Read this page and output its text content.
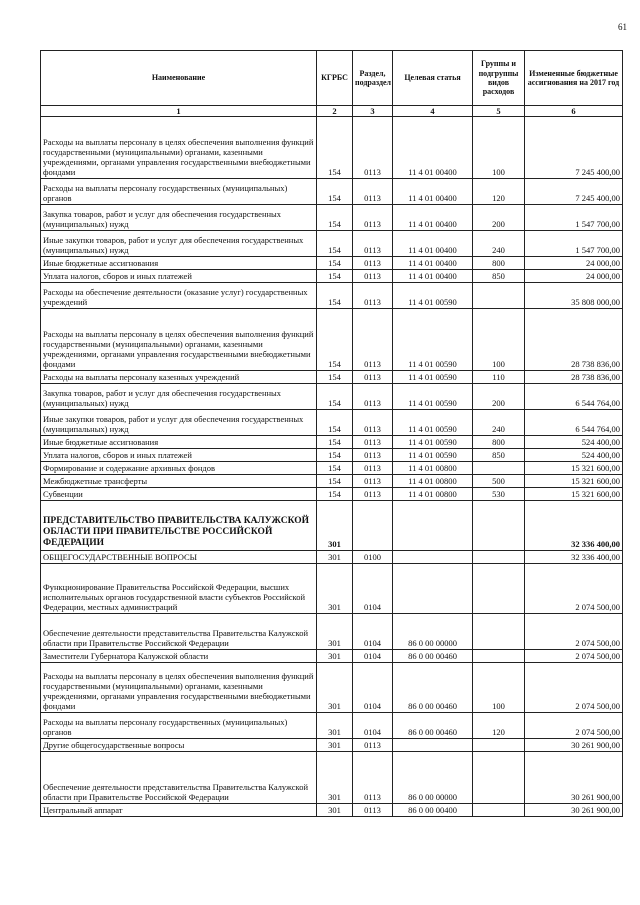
61
Наименование	КГРБС	Раздел, подраздел	Целевая статья	Группы и подгруппы видов расходов	Измененные бюджетные ассигнования на 2017 год
1	2	3	4	5	6
Расходы на выплаты персоналу в целях обеспечения выполнения функций государственными (муниципальными) органами, казенными учреждениями, органами управления государственными внебюджетными фондами	154	0113	11 4 01 00400	100	7 245 400,00
Расходы на выплаты персоналу государственных (муниципальных) органов	154	0113	11 4 01 00400	120	7 245 400,00
Закупка товаров, работ и услуг для обеспечения государственных (муниципальных) нужд	154	0113	11 4 01 00400	200	1 547 700,00
Иные закупки товаров, работ и услуг для обеспечения государственных (муниципальных) нужд	154	0113	11 4 01 00400	240	1 547 700,00
Иные бюджетные ассигнования	154	0113	11 4 01 00400	800	24 000,00
Уплата налогов, сборов и иных платежей	154	0113	11 4 01 00400	850	24 000,00
Расходы на обеспечение деятельности (оказание услуг) государственных учреждений	154	0113	11 4 01 00590		35 808 000,00
Расходы на выплаты персоналу в целях обеспечения выполнения функций государственными (муниципальными) органами, казенными учреждениями, органами управления государственными внебюджетными фондами	154	0113	11 4 01 00590	100	28 738 836,00
Расходы на выплаты персоналу казенных учреждений	154	0113	11 4 01 00590	110	28 738 836,00
Закупка товаров, работ и услуг для обеспечения государственных (муниципальных) нужд	154	0113	11 4 01 00590	200	6 544 764,00
Иные закупки товаров, работ и услуг для обеспечения государственных (муниципальных) нужд	154	0113	11 4 01 00590	240	6 544 764,00
Иные бюджетные ассигнования	154	0113	11 4 01 00590	800	524 400,00
Уплата налогов, сборов и иных платежей	154	0113	11 4 01 00590	850	524 400,00
Формирование и содержание архивных фондов	154	0113	11 4 01 00800		15 321 600,00
Межбюджетные трансферты	154	0113	11 4 01 00800	500	15 321 600,00
Субвенции	154	0113	11 4 01 00800	530	15 321 600,00
ПРЕДСТАВИТЕЛЬСТВО ПРАВИТЕЛЬСТВА КАЛУЖСКОЙ ОБЛАСТИ ПРИ ПРАВИТЕЛЬСТВЕ РОССИЙСКОЙ ФЕДЕРАЦИИ	301				32 336 400,00
ОБЩЕГОСУДАРСТВЕННЫЕ ВОПРОСЫ	301	0100			32 336 400,00
Функционирование Правительства Российской Федерации, высших исполнительных органов государственной власти субъектов Российской Федерации, местных администраций	301	0104			2 074 500,00
Обеспечение деятельности представительства Правительства Калужской области при Правительстве Российской Федерации	301	0104	86 0 00 00000		2 074 500,00
Заместители Губернатора Калужской области	301	0104	86 0 00 00460		2 074 500,00
Расходы на выплаты персоналу в целях обеспечения выполнения функций государственными (муниципальными) органами, казенными учреждениями, органами управления государственными внебюджетными фондами	301	0104	86 0 00 00460	100	2 074 500,00
Расходы на выплаты персоналу государственных (муниципальных) органов	301	0104	86 0 00 00460	120	2 074 500,00
Другие общегосударственные вопросы	301	0113			30 261 900,00
Обеспечение деятельности представительства Правительства Калужской области при Правительстве Российской Федерации	301	0113	86 0 00 00000		30 261 900,00
Центральный аппарат	301	0113	86 0 00 00400		30 261 900,00
